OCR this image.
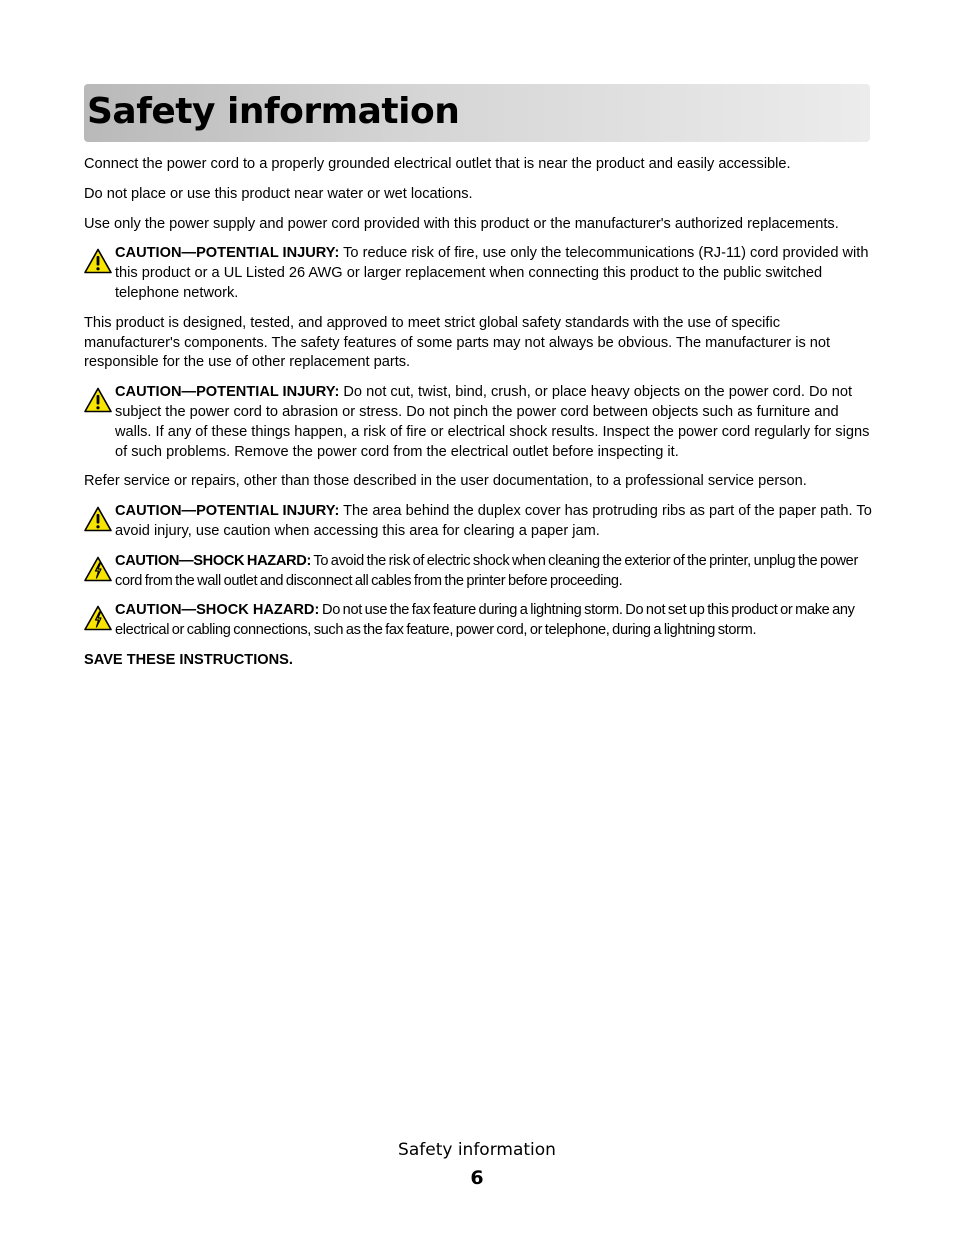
Safety information

Connect the power cord to a properly grounded electrical outlet that is near the product and easily accessible.

Do not place or use this product near water or wet locations.

Use only the power supply and power cord provided with this product or the manufacturer's authorized replacements.

CAUTION—POTENTIAL INJURY: To reduce risk of fire, use only the telecommunications (RJ-11) cord provided with this product or a UL Listed 26 AWG or larger replacement when connecting this product to the public switched telephone network.

This product is designed, tested, and approved to meet strict global safety standards with the use of specific manufacturer's components. The safety features of some parts may not always be obvious. The manufacturer is not responsible for the use of other replacement parts.

CAUTION—POTENTIAL INJURY: Do not cut, twist, bind, crush, or place heavy objects on the power cord. Do not subject the power cord to abrasion or stress. Do not pinch the power cord between objects such as furniture and walls. If any of these things happen, a risk of fire or electrical shock results. Inspect the power cord regularly for signs of such problems. Remove the power cord from the electrical outlet before inspecting it.

Refer service or repairs, other than those described in the user documentation, to a professional service person.

CAUTION—POTENTIAL INJURY: The area behind the duplex cover has protruding ribs as part of the paper path. To avoid injury, use caution when accessing this area for clearing a paper jam.
CAUTION—SHOCK HAZARD: To avoid the risk of electric shock when cleaning the exterior of the printer, unplug the power cord from the wall outlet and disconnect all cables from the printer before proceeding.
CAUTION—SHOCK HAZARD: Do not use the fax feature during a lightning storm. Do not set up this product or make any electrical or cabling connections, such as the fax feature, power cord, or telephone, during a lightning storm.

SAVE THESE INSTRUCTIONS.

Safety information
6
